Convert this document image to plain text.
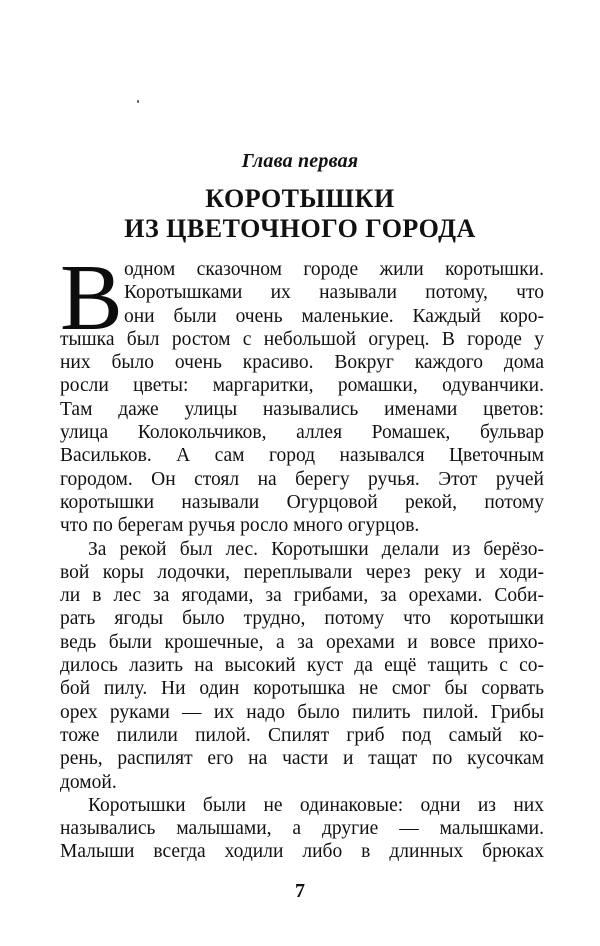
Глава первая
КОРОТЫШКИ
ИЗ ЦВЕТОЧНОГО ГОРОДА
В одном сказочном городе жили коротышки.
Коротышками их называли потому, что
они были очень маленькие. Каждый коро-
тышка был ростом с небольшой огурец. В городе у
них было очень красиво. Вокруг каждого дома
росли цветы: маргаритки, ромашки, одуванчики.
Там даже улицы назывались именами цветов:
улица Колокольчиков, аллея Ромашек, бульвар
Васильков. А сам город назывался Цветочным
городом. Он стоял на берегу ручья. Этот ручей
коротышки называли Огурцовой рекой, потому
что по берегам ручья росло много огурцов.
За рекой был лес. Коротышки делали из берёзо-
вой коры лодочки, переплывали через реку и ходи-
ли в лес за ягодами, за грибами, за орехами. Соби-
рать ягоды было трудно, потому что коротышки
ведь были крошечные, а за орехами и вовсе прихо-
дилось лазить на высокий куст да ещё тащить с со-
бой пилу. Ни один коротышка не смог бы сорвать
орех руками — их надо было пилить пилой. Грибы
тоже пилили пилой. Спилят гриб под самый ко-
рень, распилят его на части и тащат по кусочкам
домой.
Коротышки были не одинаковые: одни из них
назывались малышами, а другие — малышками.
Малыши всегда ходили либо в длинных брюках
7
